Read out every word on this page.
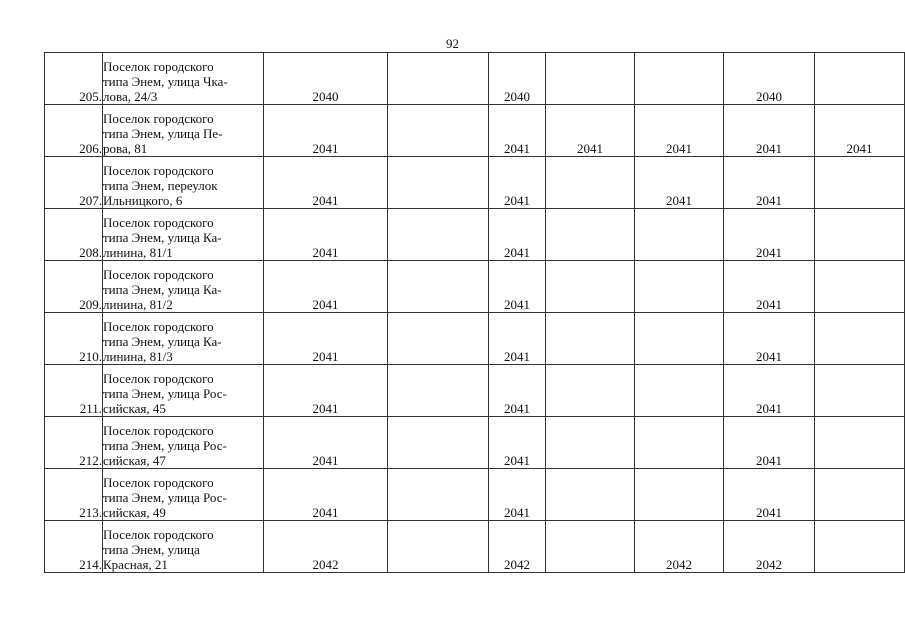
92
205.	Поселок городского
типа Энем, улица Чка-
лова, 24/3	2040		2040			2040	
206.	Поселок городского
типа Энем, улица Пе-
рова, 81	2041		2041	2041	2041	2041	2041
207.	Поселок городского
типа Энем, переулок
Ильницкого, 6	2041		2041		2041	2041	
208.	Поселок городского
типа Энем, улица Ка-
линина, 81/1	2041		2041			2041	
209.	Поселок городского
типа Энем, улица Ка-
линина, 81/2	2041		2041			2041	
210.	Поселок городского
типа Энем, улица Ка-
линина, 81/3	2041		2041			2041	
211.	Поселок городского
типа Энем, улица Рос-
сийская, 45	2041		2041			2041	
212.	Поселок городского
типа Энем, улица Рос-
сийская, 47	2041		2041			2041	
213.	Поселок городского
типа Энем, улица Рос-
сийская, 49	2041		2041			2041	
214.	Поселок городского
типа Энем, улица
Красная, 21	2042		2042		2042	2042	
